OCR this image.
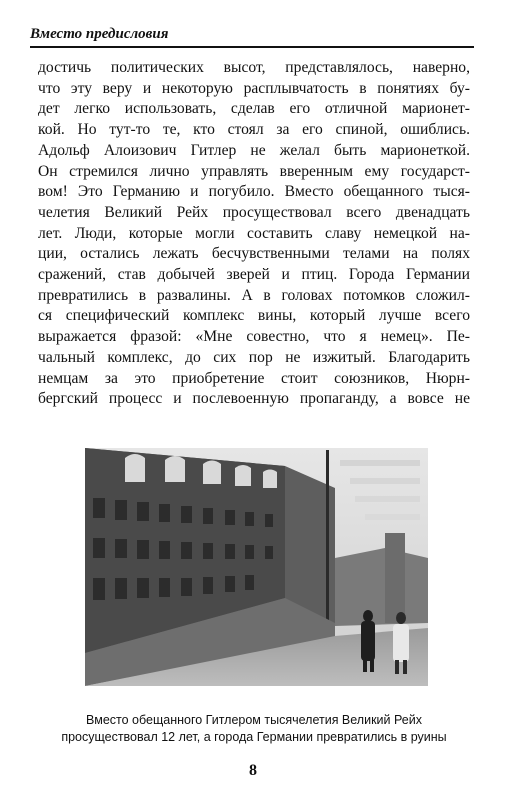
Вместо предисловия
достичь политических высот, представлялось, наверно,
что эту веру и некоторую расплывчатость в понятиях бу-
дет легко использовать, сделав его отличной марионет-
кой. Но тут-то те, кто стоял за его спиной, ошиблись.
Адольф Алоизович Гитлер не желал быть марионеткой.
Он стремился лично управлять вверенным ему государст-
вом! Это Германию и погубило. Вместо обещанного тыся-
челетия Великий Рейх просуществовал всего двенадцать
лет. Люди, которые могли составить славу немецкой на-
ции, остались лежать бесчувственными телами на полях
сражений, став добычей зверей и птиц. Города Германии
превратились в развалины. А в головах потомков сложил-
ся специфический комплекс вины, который лучше всего
выражается фразой: «Мне совестно, что я немец». Пе-
чальный комплекс, до сих пор не изжитый. Благодарить
немцам за это приобретение стоит союзников, Нюрн-
бергский процесс и послевоенную пропаганду, а вовсе не
Вместо обещанного Гитлером тысячелетия Великий Рейх
просуществовал 12 лет, а города Германии превратились в руины
8
